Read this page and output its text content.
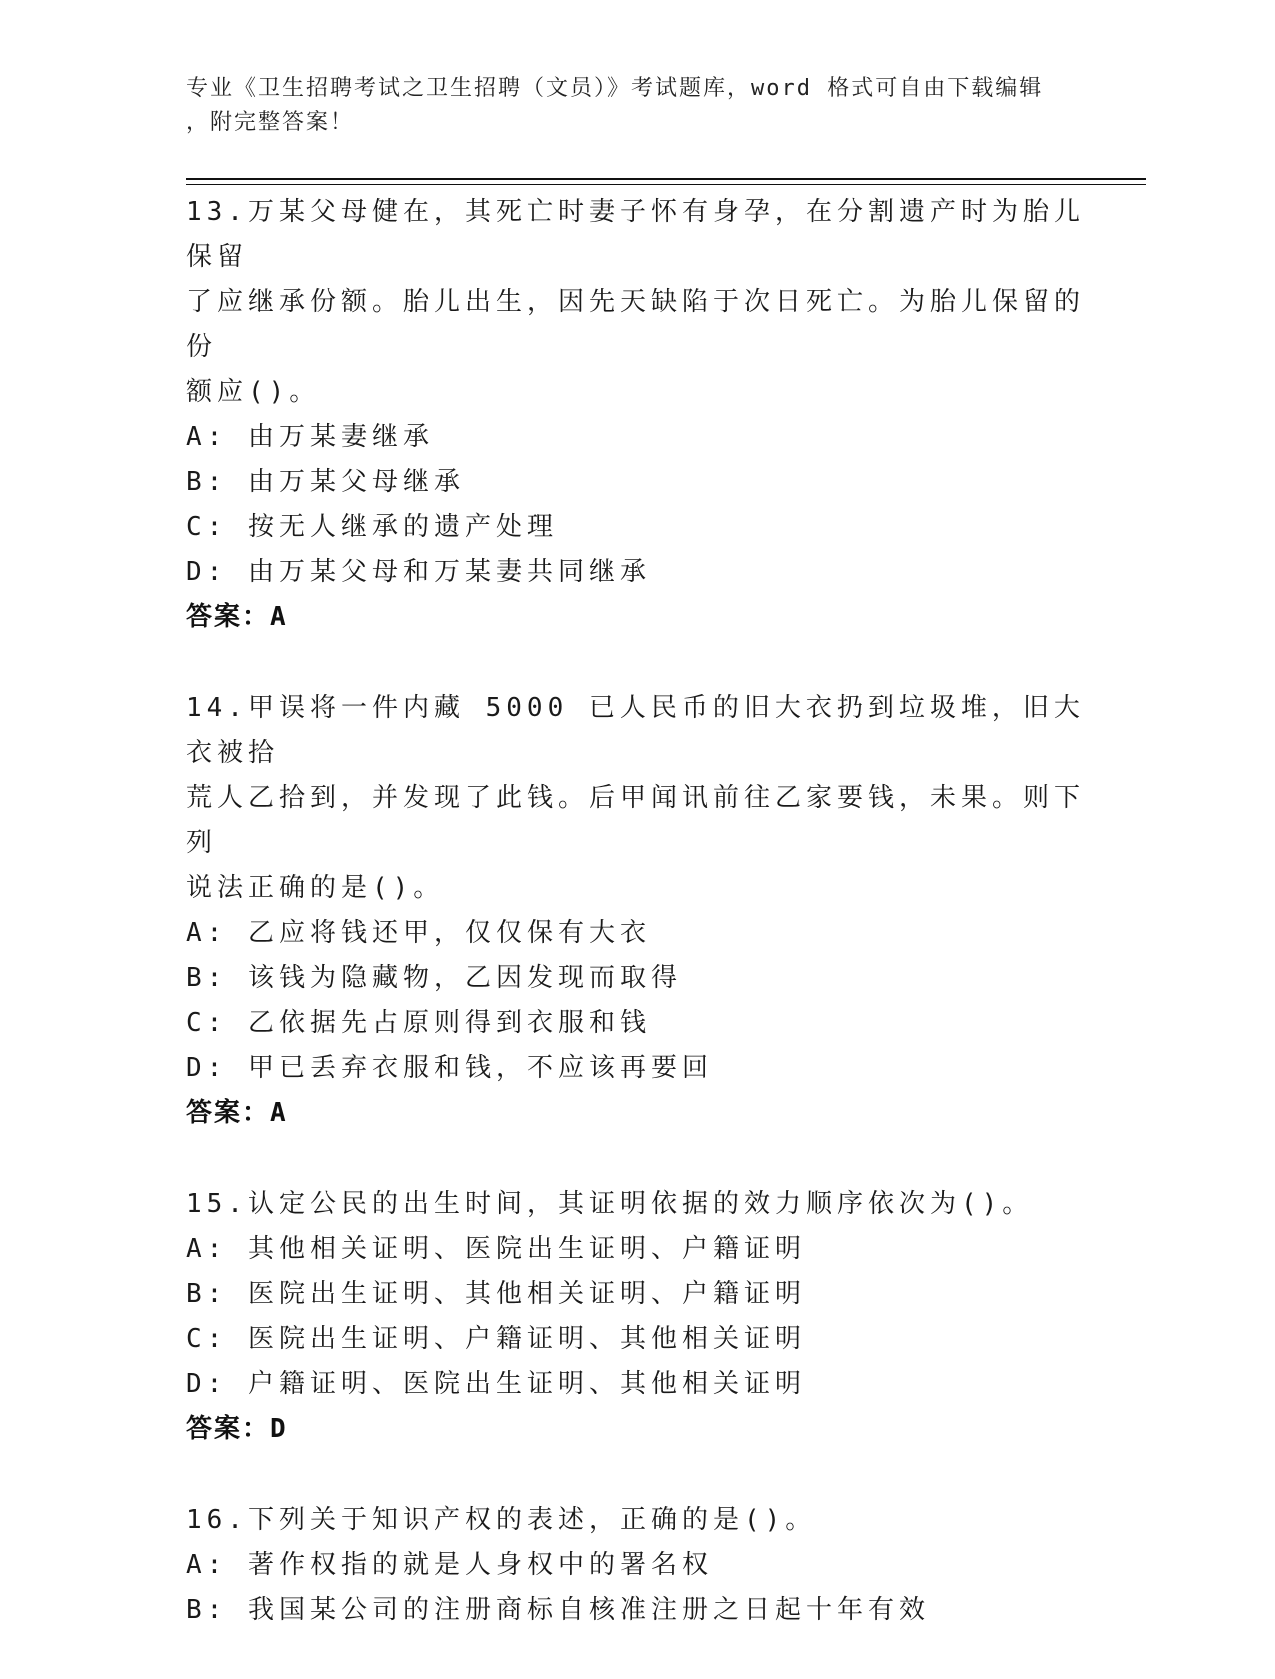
专业《卫生招聘考试之卫生招聘（文员）》考试题库，word 格式可自由下载编辑
，附完整答案！
13.万某父母健在，其死亡时妻子怀有身孕，在分割遗产时为胎儿保留
了应继承份额。胎儿出生，因先天缺陷于次日死亡。为胎儿保留的份
额应()。
A: 由万某妻继承
B: 由万某父母继承
C: 按无人继承的遗产处理
D: 由万某父母和万某妻共同继承
答案：A
14.甲误将一件内藏 5000 已人民币的旧大衣扔到垃圾堆，旧大衣被拾
荒人乙拾到，并发现了此钱。后甲闻讯前往乙家要钱，未果。则下列
说法正确的是()。
A: 乙应将钱还甲，仅仅保有大衣
B: 该钱为隐藏物，乙因发现而取得
C: 乙依据先占原则得到衣服和钱
D: 甲已丢弃衣服和钱，不应该再要回
答案：A
15.认定公民的出生时间，其证明依据的效力顺序依次为()。
A: 其他相关证明、医院出生证明、户籍证明
B: 医院出生证明、其他相关证明、户籍证明
C: 医院出生证明、户籍证明、其他相关证明
D: 户籍证明、医院出生证明、其他相关证明
答案：D
16.下列关于知识产权的表述，正确的是()。
A: 著作权指的就是人身权中的署名权
B: 我国某公司的注册商标自核准注册之日起十年有效
